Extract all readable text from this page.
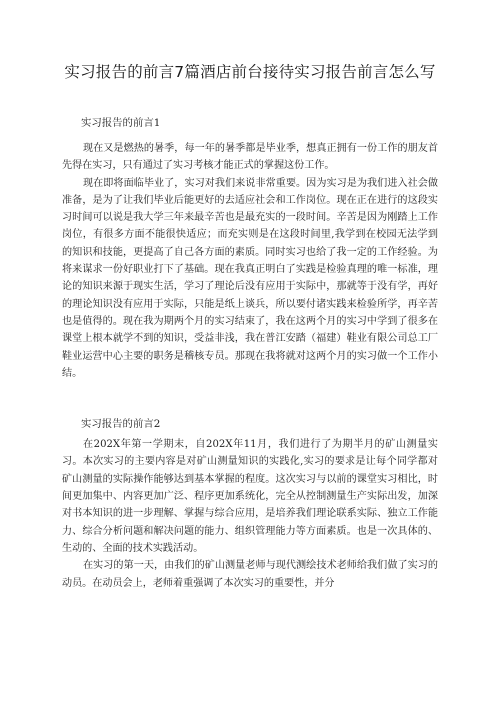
实习报告的前言7篇酒店前台接待实习报告前言怎么写

实习报告的前言1

现在又是燃热的暑季，每一年的暑季都是毕业季，想真正拥有一份工作的朋友首先得在实习，只有通过了实习考核才能正式的掌握这份工作。

现在即将面临毕业了，实习对我们来说非常重要。因为实习是为我们进入社会做准备，是为了让我们毕业后能更好的去适应社会和工作岗位。现在正在进行的这段实习时间可以说是我大学三年来最辛苦也是最充实的一段时间。辛苦是因为刚踏上工作岗位，有很多方面不能很快适应；而充实则是在这段时间里,我学到在校园无法学到的知识和技能，更提高了自己各方面的素质。同时实习也给了我一定的工作经验。为将来谋求一份好职业打下了基础。现在我真正明白了实践是检验真理的唯一标准，理论的知识来源于现实生活，学习了理论后没有应用于实际中，那就等于没有学，再好的理论知识没有应用于实际，只能是纸上谈兵，所以要付诸实践来检验所学，再辛苦也是值得的。现在我为期两个月的实习结束了，我在这两个月的实习中学到了很多在课堂上根本就学不到的知识，受益非浅，我在普江安踏（福建）鞋业有限公司总工厂鞋业运营中心主要的职务是稽核专员。那现在我将就对这两个月的实习做一个工作小结。

实习报告的前言2

在202X年第一学期末，自202X年11月，我们进行了为期半月的矿山测量实习。本次实习的主要内容是对矿山测量知识的实践化,实习的要求是让每个同学都对矿山测量的实际操作能够达到基本掌握的程度。这次实习与以前的课堂实习相比，时间更加集中、内容更加广泛、程序更加系统化，完全从控制测量生产实际出发，加深对书本知识的进一步理解、掌握与综合应用，是培养我们理论联系实际、独立工作能力、综合分析问题和解决问题的能力、组织管理能力等方面素质。也是一次具体的、生动的、全面的技术实践活动。

在实习的第一天，由我们的矿山测量老师与现代测绘技术老师给我们做了实习的动员。在动员会上，老师着重强调了本次实习的重要性，并分
